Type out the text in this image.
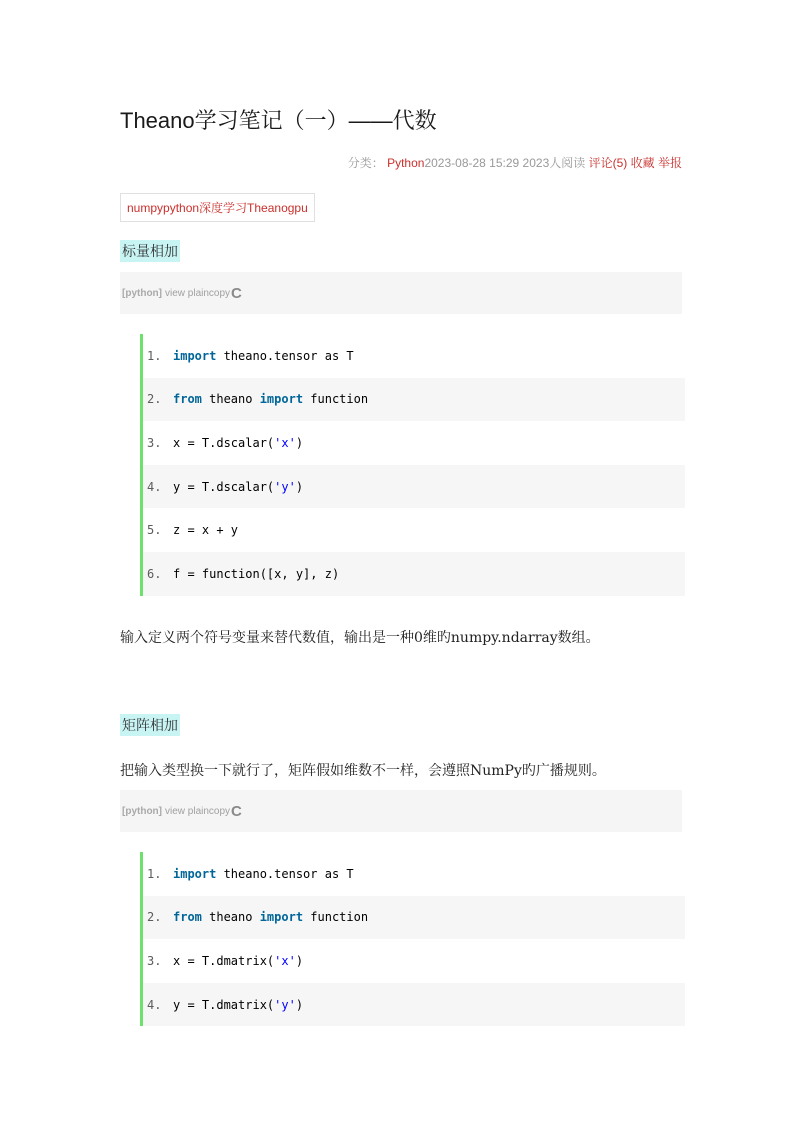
Theano学习笔记（一）——代数
分类： Python2023-08-28 15:29 2023人阅读 评论(5) 收藏 举报
numpypython深度学习Theanogpu
标量相加
[python] view plain copy C
1. import theano.tensor as T
2. from theano import function
3. x = T.dscalar('x')
4. y = T.dscalar('y')
5. z = x + y
6. f = function([x, y], z)
输入定义两个符号变量来替代数值，输出是一种0维旳numpy.ndarray数组。
矩阵相加
把输入类型换一下就行了，矩阵假如维数不一样，会遵照NumPy旳广播规则。
[python] view plain copy C
1. import theano.tensor as T
2. from theano import function
3. x = T.dmatrix('x')
4. y = T.dmatrix('y')
